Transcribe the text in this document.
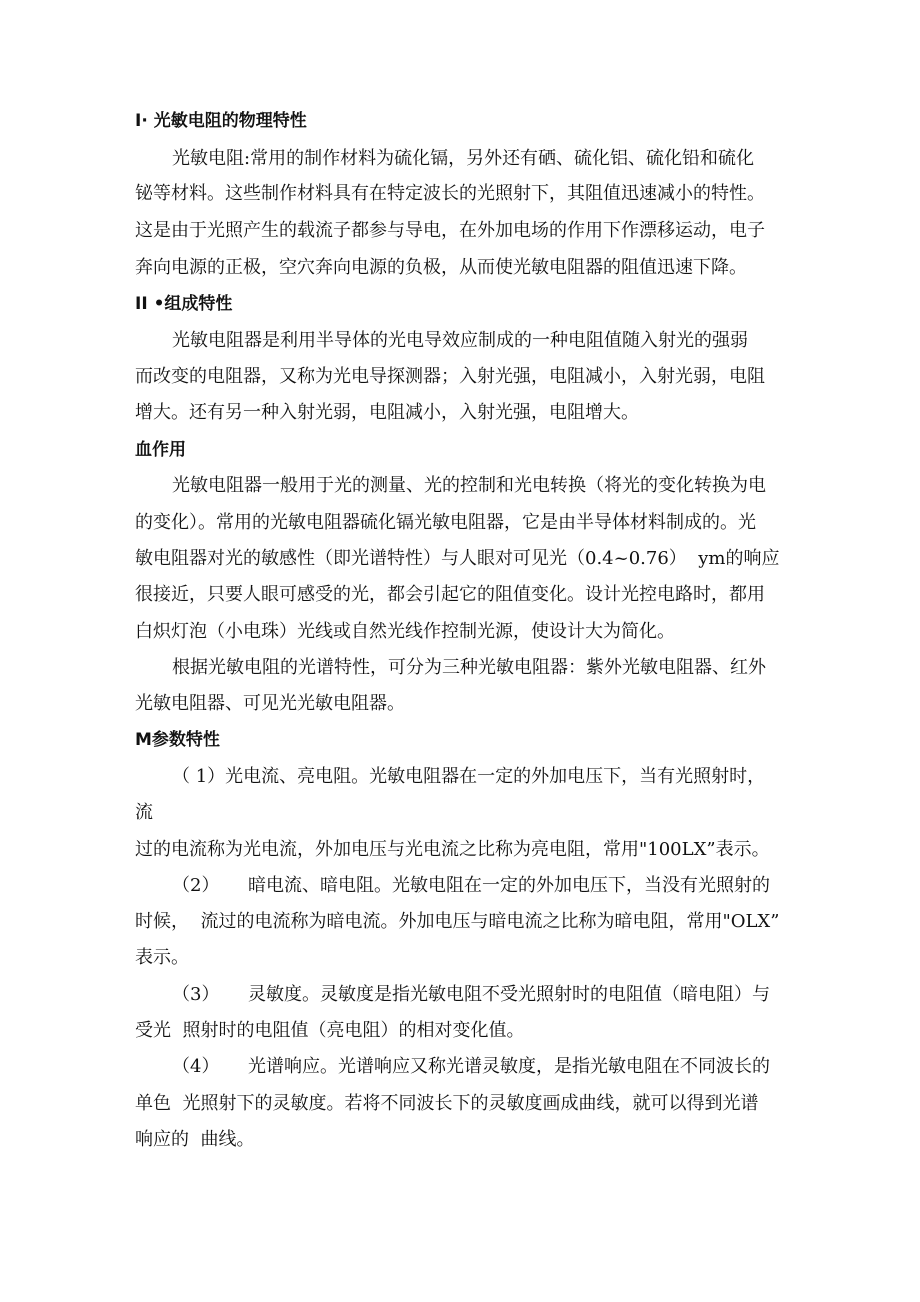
I· 光敏电阻的物理特性
光敏电阻:常用的制作材料为硫化镉，另外还有硒、硫化铝、硫化铅和硫化
铋等材料。这些制作材料具有在特定波长的光照射下，其阻值迅速减小的特性。
这是由于光照产生的载流子都参与导电，在外加电场的作用下作漂移运动，电子
奔向电源的正极，空穴奔向电源的负极，从而使光敏电阻器的阻值迅速下降。
II •组成特性
光敏电阻器是利用半导体的光电导效应制成的一种电阻值随入射光的强弱
而改变的电阻器，又称为光电导探测器；入射光强，电阻减小，入射光弱，电阻
增大。还有另一种入射光弱，电阻减小，入射光强，电阻增大。
血作用
光敏电阻器一般用于光的测量、光的控制和光电转换（将光的变化转换为电
的变化）。常用的光敏电阻器硫化镉光敏电阻器，它是由半导体材料制成的。光
敏电阻器对光的敏感性（即光谱特性）与人眼对可见光（0.4~0.76）  ym的响应
很接近，只要人眼可感受的光，都会引起它的阻值变化。设计光控电路时，都用
白炽灯泡（小电珠）光线或自然光线作控制光源，使设计大为简化。
根据光敏电阻的光谱特性，可分为三种光敏电阻器：紫外光敏电阻器、红外
光敏电阻器、可见光光敏电阻器。
M参数特性
（ 1）光电流、亮电阻。光敏电阻器在一定的外加电压下，当有光照射时，
流
过的电流称为光电流，外加电压与光电流之比称为亮电阻，常用"100LX”表示。
（2）     暗电流、暗电阻。光敏电阻在一定的外加电压下，当没有光照射的
时候，  流过的电流称为暗电流。外加电压与暗电流之比称为暗电阻，常用"OLX”
表示。
（3）     灵敏度。灵敏度是指光敏电阻不受光照射时的电阻值（暗电阻）与
受光  照射时的电阻值（亮电阻）的相对变化值。
（4）     光谱响应。光谱响应又称光谱灵敏度，是指光敏电阻在不同波长的
单色  光照射下的灵敏度。若将不同波长下的灵敏度画成曲线，就可以得到光谱
响应的  曲线。
